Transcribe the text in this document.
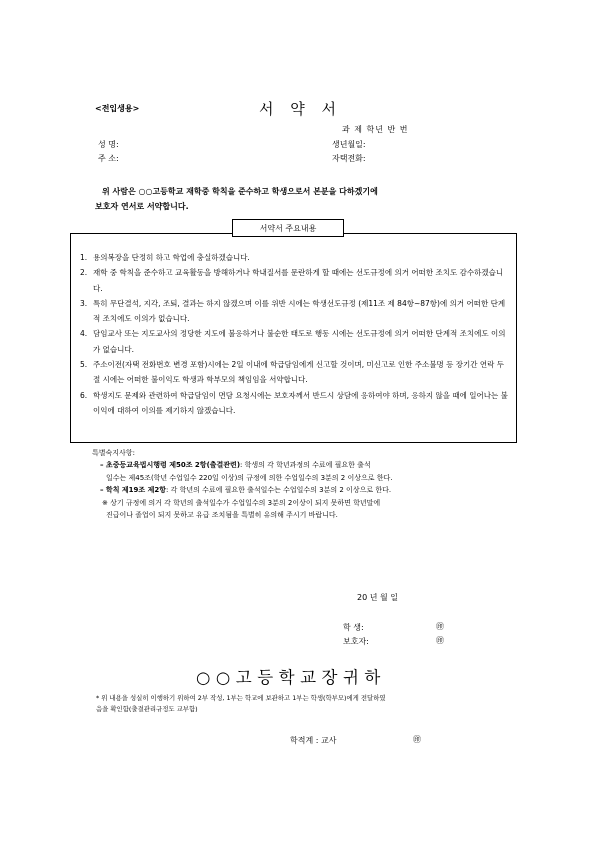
<전입생용>	서 약 서
과 제 학년 반 번
성 명:
주 소:
생년월일:
자택전화:
위 사람은 ○○고등학교 재학중 학칙을 준수하고 학생으로서 본분을 다하겠기에
보호자 연서로 서약합니다.
서약서 주요내용
1. 용의복장을 단정히 하고 학업에 충실하겠습니다.
2. 재학 중 학칙을 준수하고 교육활동을 방해하거나 학내질서를 문란하게 할 때에는 선도규정에 의거 어떠한 조치도 감수하겠습니다.
3. 특히 무단결석, 지각, 조퇴, 결과는 하지 않겠으며 이를 위반 시에는 학생선도규정 (제11조 제 84항~87항)에 의거 어떠한 단계적 조치에도 이의가 없습니다.
4. 담임교사 또는 지도교사의 정당한 지도에 불응하거나 불순한 태도로 행동 시에는 선도규정에 의거 어떠한 단계적 조치에도 이의가 없습니다.
5. 주소이전(자택 전화번호 변경 포함)시에는 2일 이내에 학급담임에게 신고할 것이며, 미신고로 인한 주소불명 등 장기간 연락 두절 시에는 어떠한 불이익도 학생과 학부모의 책임임을 서약합니다.
6. 학생지도 문제와 관련하여 학급담임이 면담 요청시에는 보호자께서 반드시 상담에 응하여야 하며, 응하지 않을 때에 일어나는 불이익에 대하여 이의를 제기하지 않겠습니다.
특별숙지사항:
– 초중등교육법시행령 제50조 2항(출결관련): 학생의 각 학년과정의 수료에 필요한 출석
일수는 제45조(학년 수업일수 220일 이상)의 규정에 의한 수업일수의 3분의 2 이상으로 한다.
– 학칙 제19조 제2항: 각 학년의 수료에 필요한 출석일수는 수업일수의 3분의 2 이상으로 한다.
※ 상기 규정에 의거 각 학년의 출석일수가 수업일수의 3분의 2이상이 되지 못하면 학년말에
진급이나 졸업이 되지 못하고 유급 조치됨을 특별히 유의해 주시기 바랍니다.
20 년 월 일
학 생:	㊞
보호자:	㊞
○○고등학교장귀하
* 위 내용을 성실히 이행하기 위하여 2부 작성, 1부는 학교에 보관하고 1부는 학생(학부모)에게 전달하였
음을 확인함(출결관리규정도 교부함)
학적계 : 교사	㊞
